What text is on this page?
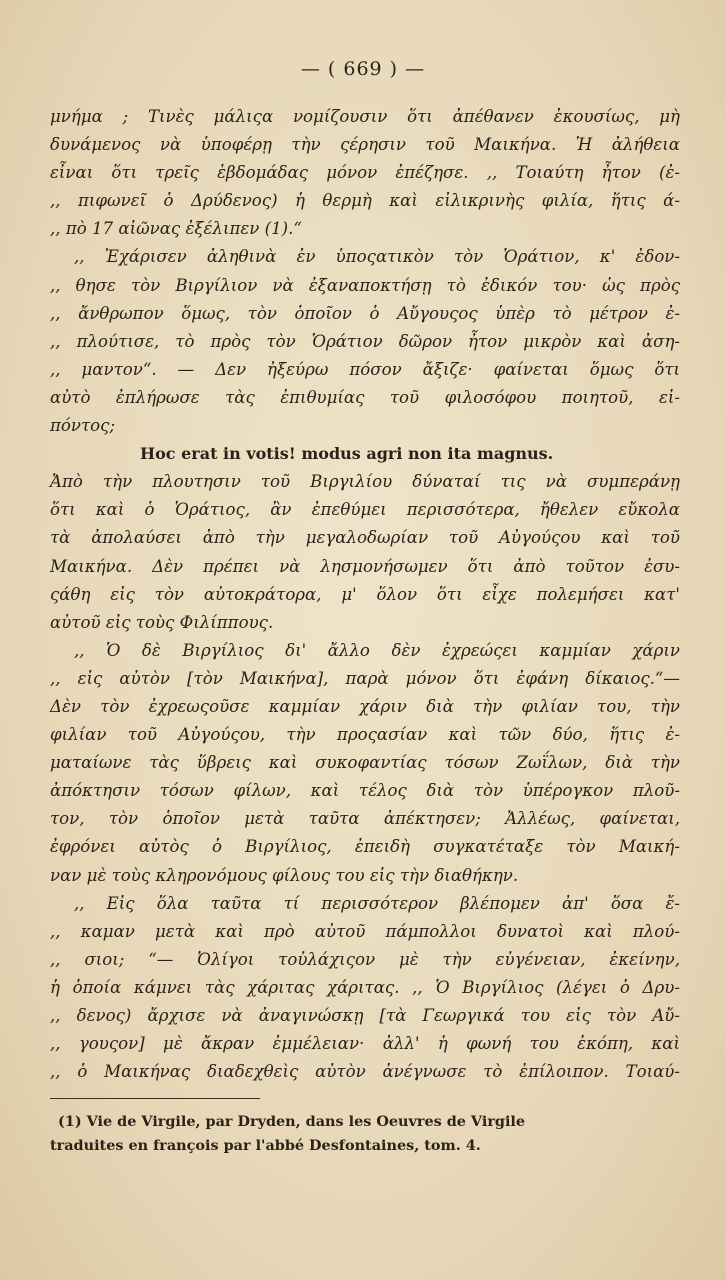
— ( 669 ) —
μνήμα ; Τινὲς μάλιςα νομίζουσιν ὅτι ἀπέθανεν ἑκουσίως, μὴ
δυνάμενος νὰ ὑποφέρῃ τὴν ςέρησιν τοῦ Μαικήνα. Ἡ ἀλήθεια
εἶναι ὅτι τρεῖς ἑβδομάδας μόνον ἐπέζησε. ,, Τοιαύτη ἦτον (ἐ-
,, πιφωνεῖ ὁ Δρύδενος) ἡ θερμὴ καὶ εἰλικρινὴς φιλία, ἥτις ά-
,, πὸ 17 αἰῶνας ἐξέλιπεν (1).“
,, Ἐχάρισεν ἀληθινὰ ἐν ὑποςατικὸν τὸν Ὁράτιον, κ' ἐδον-
,, θησε τὸν Βιργίλιον νὰ ἐξαναποκτήσῃ τὸ ἐδικόν του· ὡς πρὸς
,, ἄνθρωπον ὅμως, τὸν ὁποῖον ὁ Αὔγουςος ὑπὲρ τὸ μέτρον ἐ-
,, πλούτισε, τὸ πρὸς τὸν Ὁράτιον δῶρον ἦτον μικρὸν καὶ ἀση-
,, μαντον“. — Δεν ἠξεύρω πόσον ἄξιζε· φαίνεται ὅμως ὅτι
αὐτὸ ἐπλήρωσε τὰς ἐπιθυμίας τοῦ φιλοσόφου ποιητοῦ, εἰ-
πόντος;
Hoc erat in votis! modus agri non ita magnus.
Ἀπὸ τὴν πλουτησιν τοῦ Βιργιλίου δύναταί τις νὰ συμπεράνῃ
ὅτι καὶ ὁ Ὁράτιος, ἂν ἐπεθύμει περισσότερα, ἤθελεν εὔκολα
τὰ ἀπολαύσει ἀπὸ τὴν μεγαλοδωρίαν τοῦ Αὐγούςου καὶ τοῦ
Μαικήνα. Δὲν πρέπει νὰ λησμονήσωμεν ὅτι ἀπὸ τοῦτον ἐσυ-
ςάθη εἰς τὸν αὐτοκράτορα, μ' ὅλον ὅτι εἶχε πολεμήσει κατ'
αὐτοῦ εἰς τοὺς Φιλίππους.
,, Ὁ δὲ Βιργίλιος δι' ἄλλο δὲν ἐχρεώςει καμμίαν χάριν
,, εἰς αὐτὸν [τὸν Μαικήνα], παρὰ μόνον ὅτι ἐφάνη δίκαιος.“—
Δὲν τὸν ἐχρεωςοῦσε καμμίαν χάριν διὰ τὴν φιλίαν του, τὴν
φιλίαν τοῦ Αὐγούςου, τὴν προςασίαν καὶ τῶν δύο, ἥτις ἐ-
ματαίωνε τὰς ὕβρεις καὶ συκοφαντίας τόσων Ζωΐλων, διὰ τὴν
ἀπόκτησιν τόσων φίλων, καὶ τέλος διὰ τὸν ὑπέρογκον πλοῦ-
τον, τὸν ὁποῖον μετὰ ταῦτα ἀπέκτησεν; Ἀλλέως, φαίνεται,
ἐφρόνει αὐτὸς ὁ Βιργίλιος, ἐπειδὴ συγκατέταξε τὸν Μαική-
ναν μὲ τοὺς κληρονόμους φίλους του εἰς τὴν διαθήκην.
,, Εἰς ὅλα ταῦτα τί περισσότερον βλέπομεν ἀπ' ὅσα ἔ-
,, καμαν μετὰ καὶ πρὸ αὐτοῦ πάμπολλοι δυνατοὶ καὶ πλού-
,, σιοι; “— Ὀλίγοι τοὐλάχιςον μὲ τὴν εὐγένειαν, ἐκείνην,
ἡ ὁποία κάμνει τὰς χάριτας χάριτας. ,, Ὁ Βιργίλιος (λέγει ὁ Δρυ-
,, δενος) ἄρχισε νὰ ἀναγινώσκῃ [τὰ Γεωργικά του εἰς τὸν Αὔ-
,, γουςον] μὲ ἄκραν ἐμμέλειαν· ἀλλ' ἡ φωνή του ἐκόπη, καὶ
,, ὁ Μαικήνας διαδεχθεὶς αὐτὸν ἀνέγνωσε τὸ ἐπίλοιπον. Τοιαύ-
(1) Vie de Virgile, par Dryden, dans les Oeuvres de Virgile
traduites en françois par l'abbé Desfontaines, tom. 4.
